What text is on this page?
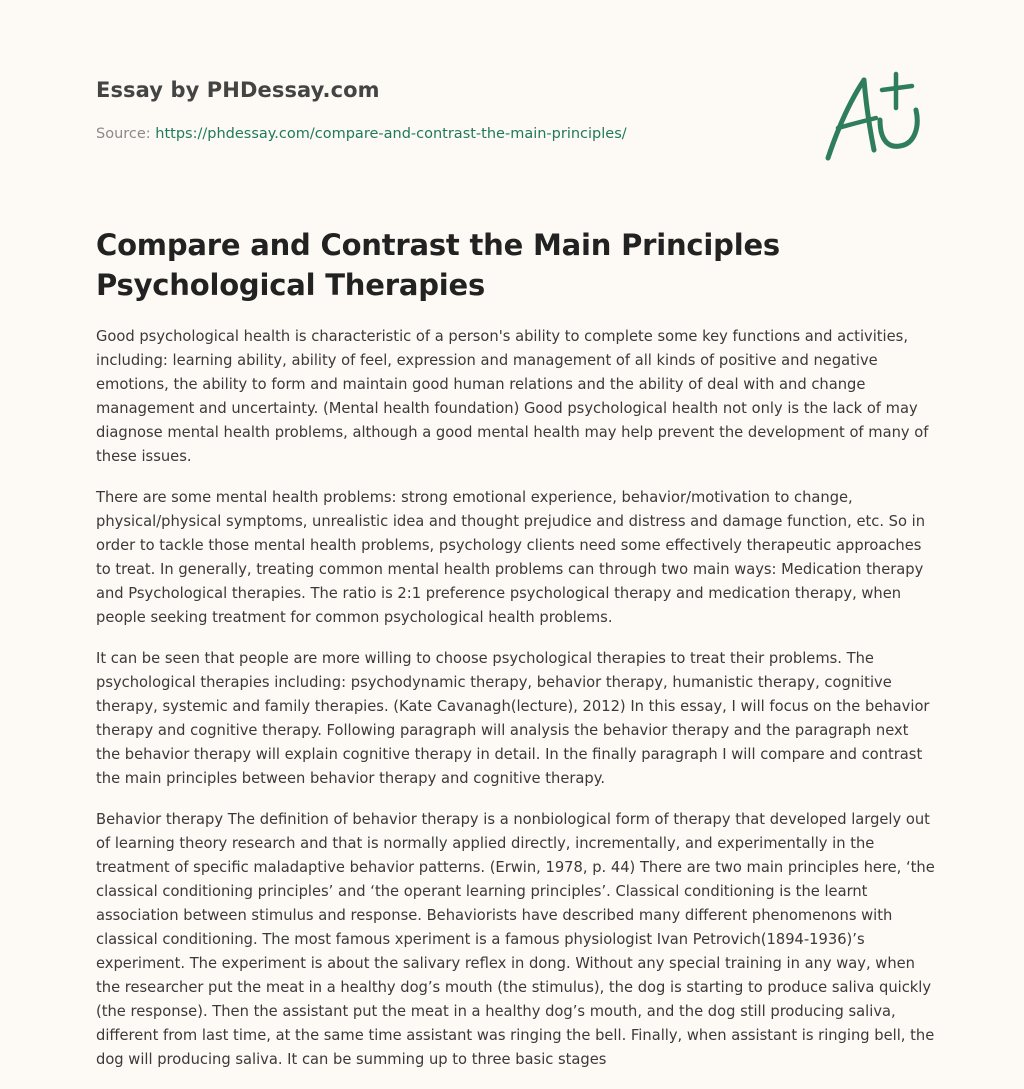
Essay by PHDessay.com
Source: https://phdessay.com/compare-and-contrast-the-main-principles/
Compare and Contrast the Main Principles Psychological Therapies

Good psychological health is characteristic of a person's ability to complete some key functions and activities, including: learning ability, ability of feel, expression and management of all kinds of positive and negative emotions, the ability to form and maintain good human relations and the ability of deal with and change management and uncertainty. (Mental health foundation) Good psychological health not only is the lack of may diagnose mental health problems, although a good mental health may help prevent the development of many of these issues.

There are some mental health problems: strong emotional experience, behavior/motivation to change, physical/physical symptoms, unrealistic idea and thought prejudice and distress and damage function, etc. So in order to tackle those mental health problems, psychology clients need some effectively therapeutic approaches to treat. In generally, treating common mental health problems can through two main ways: Medication therapy and Psychological therapies. The ratio is 2:1 preference psychological therapy and medication therapy, when people seeking treatment for common psychological health problems.

It can be seen that people are more willing to choose psychological therapies to treat their problems. The psychological therapies including: psychodynamic therapy, behavior therapy, humanistic therapy, cognitive therapy, systemic and family therapies. (Kate Cavanagh(lecture), 2012) In this essay, I will focus on the behavior therapy and cognitive therapy. Following paragraph will analysis the behavior therapy and the paragraph next the behavior therapy will explain cognitive therapy in detail. In the finally paragraph I will compare and contrast the main principles between behavior therapy and cognitive therapy.

Behavior therapy The definition of behavior therapy is a nonbiological form of therapy that developed largely out of learning theory research and that is normally applied directly, incrementally, and experimentally in the treatment of specific maladaptive behavior patterns. (Erwin, 1978, p. 44) There are two main principles here, ‘the classical conditioning principles’ and ‘the operant learning principles’. Classical conditioning is the learnt association between stimulus and response. Behaviorists have described many different phenomenons with classical conditioning. The most famous xperiment is a famous physiologist Ivan Petrovich(1894-1936)’s experiment. The experiment is about the salivary reflex in dong. Without any special training in any way, when the researcher put the meat in a healthy dog’s mouth (the stimulus), the dog is starting to produce saliva quickly (the response). Then the assistant put the meat in a healthy dog’s mouth, and the dog still producing saliva, different from last time, at the same time assistant was ringing the bell. Finally, when assistant is ringing bell, the dog will producing saliva. It can be summing up to three basic stages
